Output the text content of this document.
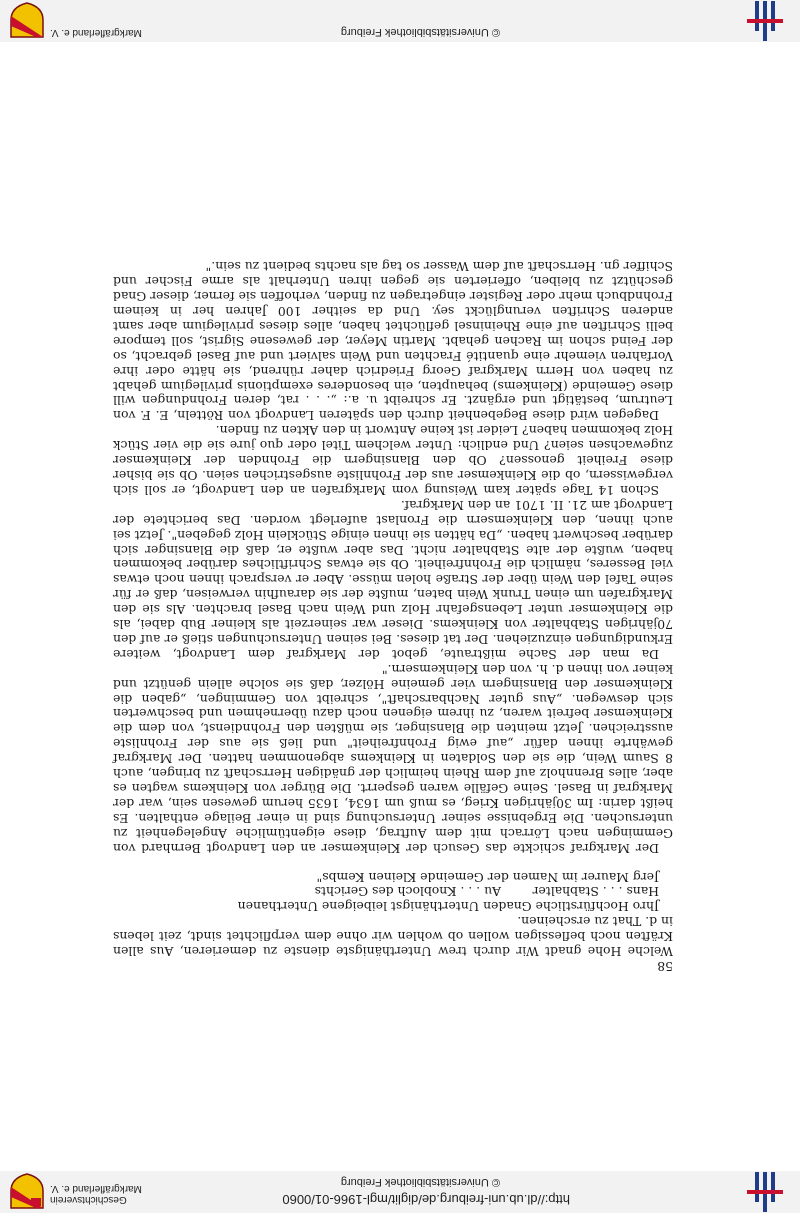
http://dl.ub.uni-freiburg.de/diglit/mgl-1966-01/0060
© Universitätsbibliothek Freiburg
Geschichtsverein Markgräflerland e. V.

58

Welche Hohe gnadt Wir durch trew Unterthänigste dienste zu demerieren, Aus allen Kräften noch beflessigen wollen ob wohlen wir ohne dem verpflichtet sindt, zeit lebens in d. That zu erscheinen.

Jhro Hochfürstliche Gnaden Unterthänigst leibeigene Unterthanen

Hans . . . Stabhalter        Au . . . Knobloch des Gerichts

Jerg Maurer im Namen der Gemeinde Kleinen Kembs"

Der Markgraf schickte das Gesuch der Kleinkemser an den Landvogt Bernhard von Gemmingen nach Lörrach mit dem Auftrag, diese eigentümliche Angelegenheit zu untersuchen. Die Ergebnisse seiner Untersuchung sind in einer Beilage enthalten. Es heißt darin: Im 30jährigen Krieg, es muß um 1634, 1635 herum gewesen sein, war der Markgraf in Basel. Seine Gefälle waren gesperrt. Die Bürger von Kleinkems wagten es aber, alles Brennholz auf dem Rhein heimlich der gnädigen Herrschaft zu bringen, auch 8 Saum Wein, die sie den Soldaten in Kleinkems abgenommen hatten. Der Markgraf gewährte ihnen dafür „auf ewig Frohnfreiheit" und ließ sie aus der Frohnliste ausstreichen. Jetzt meinten die Blansinger, sie müßten den Frohndienst, von dem die Kleinkemser befreit waren, zu ihrem eigenen noch dazu übernehmen und beschwerten sich deswegen. „Aus guter Nachbarschaft", schreibt von Gemmingen, „gaben die Kleinkemser den Blansingern vier gemeine Hölzer, daß sie solche allein genützt und keiner von ihnen d. h. von den Kleinkemsern."

Da man der Sache mißtraute, gebot der Markgraf dem Landvogt, weitere Erkundigungen einzuziehen. Der tat dieses. Bei seinen Untersuchungen stieß er auf den 70jährigen Stabhalter von Kleinkems. Dieser war seinerzeit als kleiner Bub dabei, als die Kleinkemser unter Lebensgefahr Holz und Wein nach Basel brachten. Als sie den Markgrafen um einen Trunk Wein baten, mußte der sie daraufhin verweisen, daß er für seine Tafel den Wein über der Straße holen müsse. Aber er versprach ihnen noch etwas viel Besseres, nämlich die Frohnfreiheit. Ob sie etwas Schriftliches darüber bekommen haben, wußte der alte Stabhalter nicht. Das aber wußte er, daß die Blansinger sich darüber beschwert haben. „Da hätten sie ihnen einige Stücklein Holz gegeben". Jetzt sei auch ihnen, den Kleinkemsern die Fronlast auferlegt worden. Das berichtete der Landvogt am 21. II. 1701 an den Markgraf.

Schon 14 Tage später kam Weisung vom Markgrafen an den Landvogt, er soll sich vergewissern, ob die Kleinkemser aus der Frohnliste ausgestrichen seien. Ob sie bisher diese Freiheit genossen? Ob den Blansingern die Frohnden der Kleinkemser zugewachsen seien? Und endlich: Unter welchem Titel oder quo jure sie die vier Stück Holz bekommen haben? Leider ist keine Antwort in den Akten zu finden.

Dagegen wird diese Begebenheit durch den späteren Landvogt von Rötteln, E. F. von Leutrum, bestätigt und ergänzt. Er schreibt u. a.: „. . . rat, deren Frohndungen will diese Gemeinde (Kleinkems) behaupten, ein besonderes exemptionis privilegium gehabt zu haben von Herrn Markgraf Georg Friedrich daher rührend, sie hätte oder ihre Vorfahren viemehr eine quantité Frachten und Wein salviert und auf Basel gebracht, so der Feind schon im Rachen gehabt. Martin Meyer, der gewesene Sigrist, soll tempore belli Schriften auf eine Rheininsel geflüchtet haben, alles dieses privilegium aber samt anderen Schriften verunglückt sey. Und da seither 100 Jahren her in keinem Frohndbuch mehr oder Register eingetragen zu finden, verhoffen sie ferner, dieser Gnad geschützt zu bleiben, offerierten sie gegen ihren Unterhalt als arme Fischer und Schiffer gn. Herrschaft auf dem Wasser so tag als nachts bedient zu sein."

© Universitätsbibliothek Freiburg
Markgräflerland e. V.
